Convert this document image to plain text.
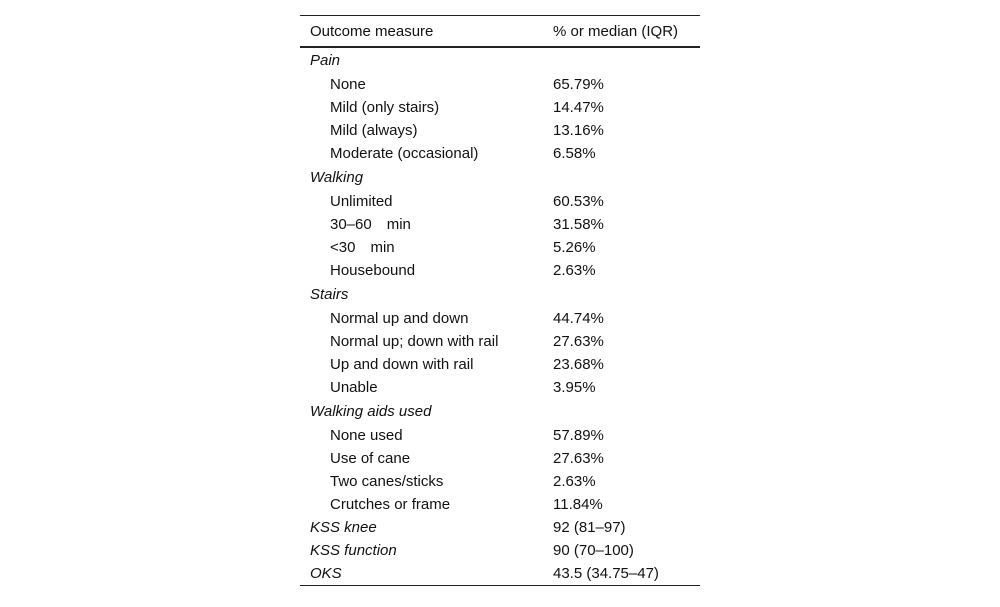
Outcome measure	% or median (IQR)
Pain	
None	65.79%
Mild (only stairs)	14.47%
Mild (always)	13.16%
Moderate (occasional)	6.58%
Walking	
Unlimited	60.53%
30–60    min	31.58%
<30    min	5.26%
Housebound	2.63%
Stairs	
Normal up and down	44.74%
Normal up; down with rail	27.63%
Up and down with rail	23.68%
Unable	3.95%
Walking aids used	
None used	57.89%
Use of cane	27.63%
Two canes/sticks	2.63%
Crutches or frame	11.84%
KSS knee	92 (81–97)
KSS function	90 (70–100)
OKS	43.5 (34.75–47)
